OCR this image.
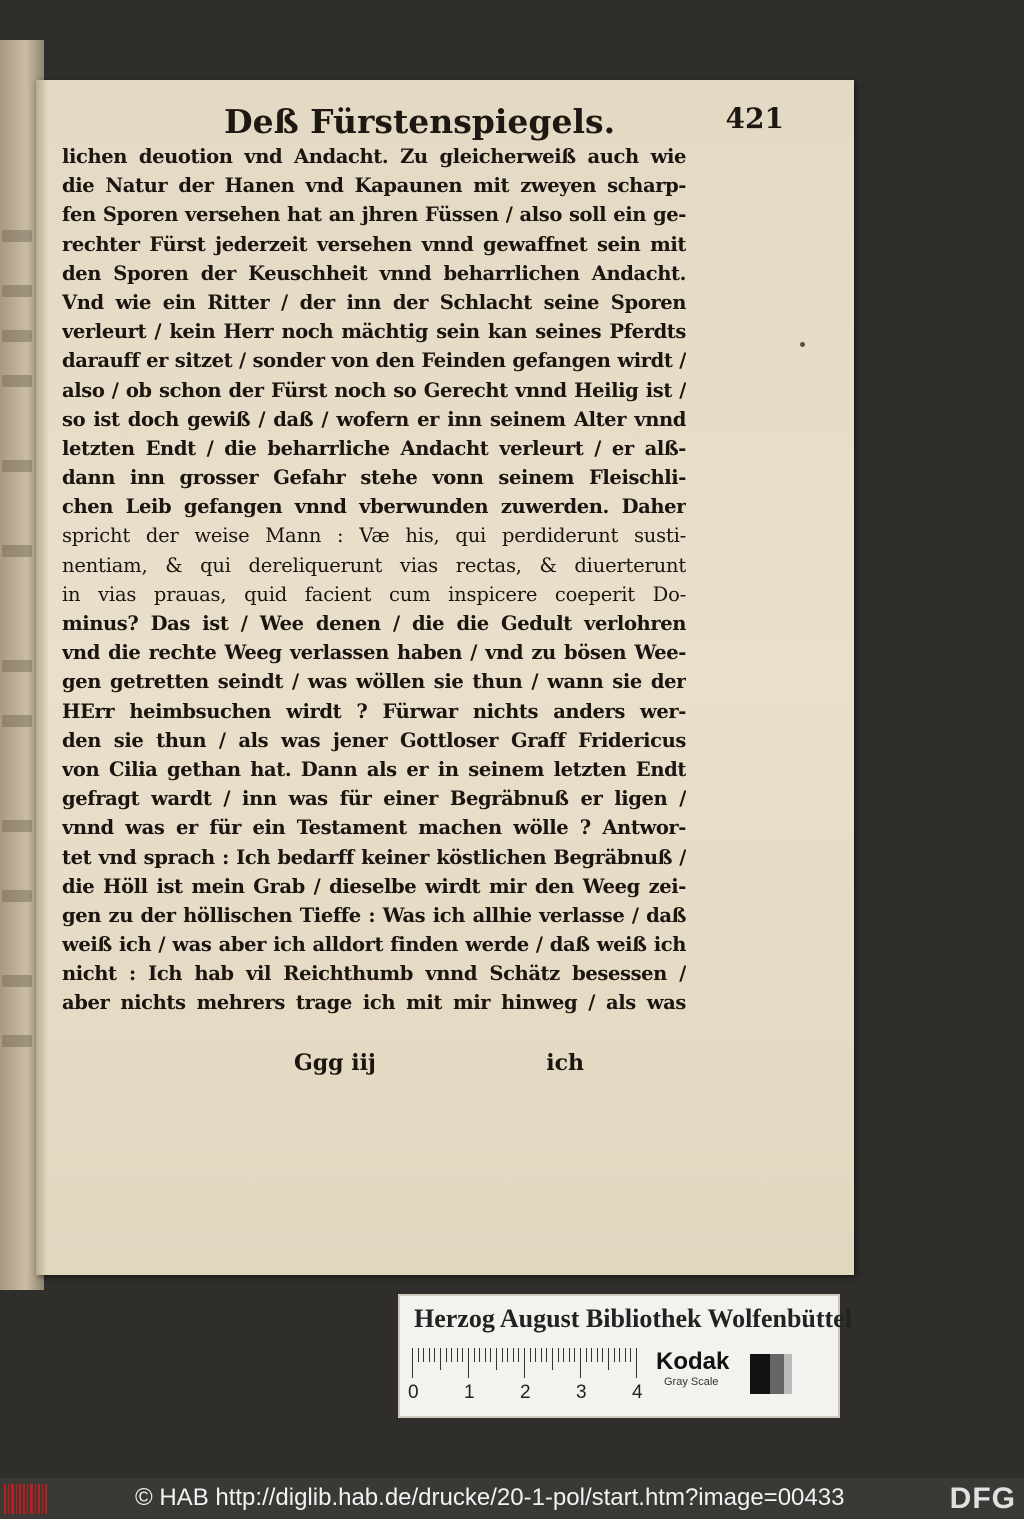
Deß Fürstenspiegels.	421
lichen deuotion vnd Andacht. Zu gleicherweiß auch wie
die Natur der Hanen vnd Kapaunen mit zweyen scharp-
fen Sporen versehen hat an jhren Füssen / also soll ein ge-
rechter Fürst jederzeit versehen vnnd gewaffnet sein mit
den Sporen der Keuschheit vnnd beharrlichen Andacht.
Vnd wie ein Ritter / der inn der Schlacht seine Sporen
verleurt / kein Herr noch mächtig sein kan seines Pferdts
darauff er sitzet / sonder von den Feinden gefangen wirdt /
also / ob schon der Fürst noch so Gerecht vnnd Heilig ist /
so ist doch gewiß / daß / wofern er inn seinem Alter vnnd
letzten Endt / die beharrliche Andacht verleurt / er alß-
dann inn grosser Gefahr stehe vonn seinem Fleischli-
chen Leib gefangen vnnd vberwunden zuwerden. Daher
spricht der weise Mann : Væ his, qui perdiderunt susti-
nentiam, & qui dereliquerunt vias rectas, & diuerterunt
in vias prauas, quid facient cum inspicere coeperit Do-
minus? Das ist / Wee denen / die die Gedult verlohren
vnd die rechte Weeg verlassen haben / vnd zu bösen Wee-
gen getretten seindt / was wöllen sie thun / wann sie der
HErr heimbsuchen wirdt ? Fürwar nichts anders wer-
den sie thun / als was jener Gottloser Graff Fridericus
von Cilia gethan hat. Dann als er in seinem letzten Endt
gefragt wardt / inn was für einer Begräbnuß er ligen /
vnnd was er für ein Testament machen wölle ? Antwor-
tet vnd sprach : Ich bedarff keiner köstlichen Begräbnuß /
die Höll ist mein Grab / dieselbe wirdt mir den Weeg zei-
gen zu der höllischen Tieffe : Was ich allhie verlasse / daß
weiß ich / was aber ich alldort finden werde / daß weiß ich
nicht : Ich hab vil Reichthumb vnnd Schätz besessen /
aber nichts mehrers trage ich mit mir hinweg / als was
Ggg iij	ich
Herzog August Bibliothek Wolfenbüttel
0 1 2 3 4
Kodak
Gray Scale
© HAB http://diglib.hab.de/drucke/20-1-pol/start.htm?image=00433	DFG
